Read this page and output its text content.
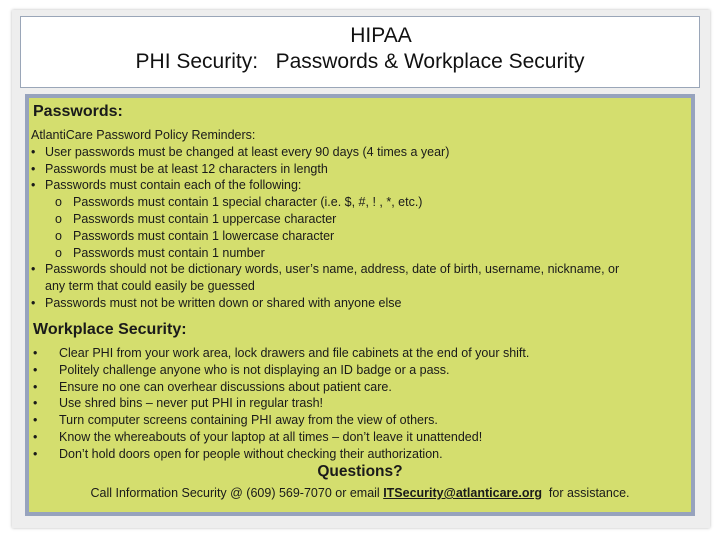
HIPAA
PHI Security:   Passwords & Workplace Security
Passwords:
AtlantiCare Password Policy Reminders:
• User passwords must be changed at least every 90 days (4 times a year)
• Passwords must be at least 12 characters in length
• Passwords must contain each of the following:
o Passwords must contain 1 special character (i.e. $, #, ! , *, etc.)
o Passwords must contain 1 uppercase character
o Passwords must contain 1 lowercase character
o Passwords must contain 1 number
• Passwords should not be dictionary words, user’s name, address, date of birth, username, nickname, or
any term that could easily be guessed
• Passwords must not be written down or shared with anyone else
Workplace Security:
• Clear PHI from your work area, lock drawers and file cabinets at the end of your shift.
• Politely challenge anyone who is not displaying an ID badge or a pass.
• Ensure no one can overhear discussions about patient care.
• Use shred bins – never put PHI in regular trash!
• Turn computer screens containing PHI away from the view of others.
• Know the whereabouts of your laptop at all times – don’t leave it unattended!
• Don’t hold doors open for people without checking their authorization.
Questions?
Call Information Security @ (609) 569-7070 or email ITSecurity@atlanticare.org  for assistance.
